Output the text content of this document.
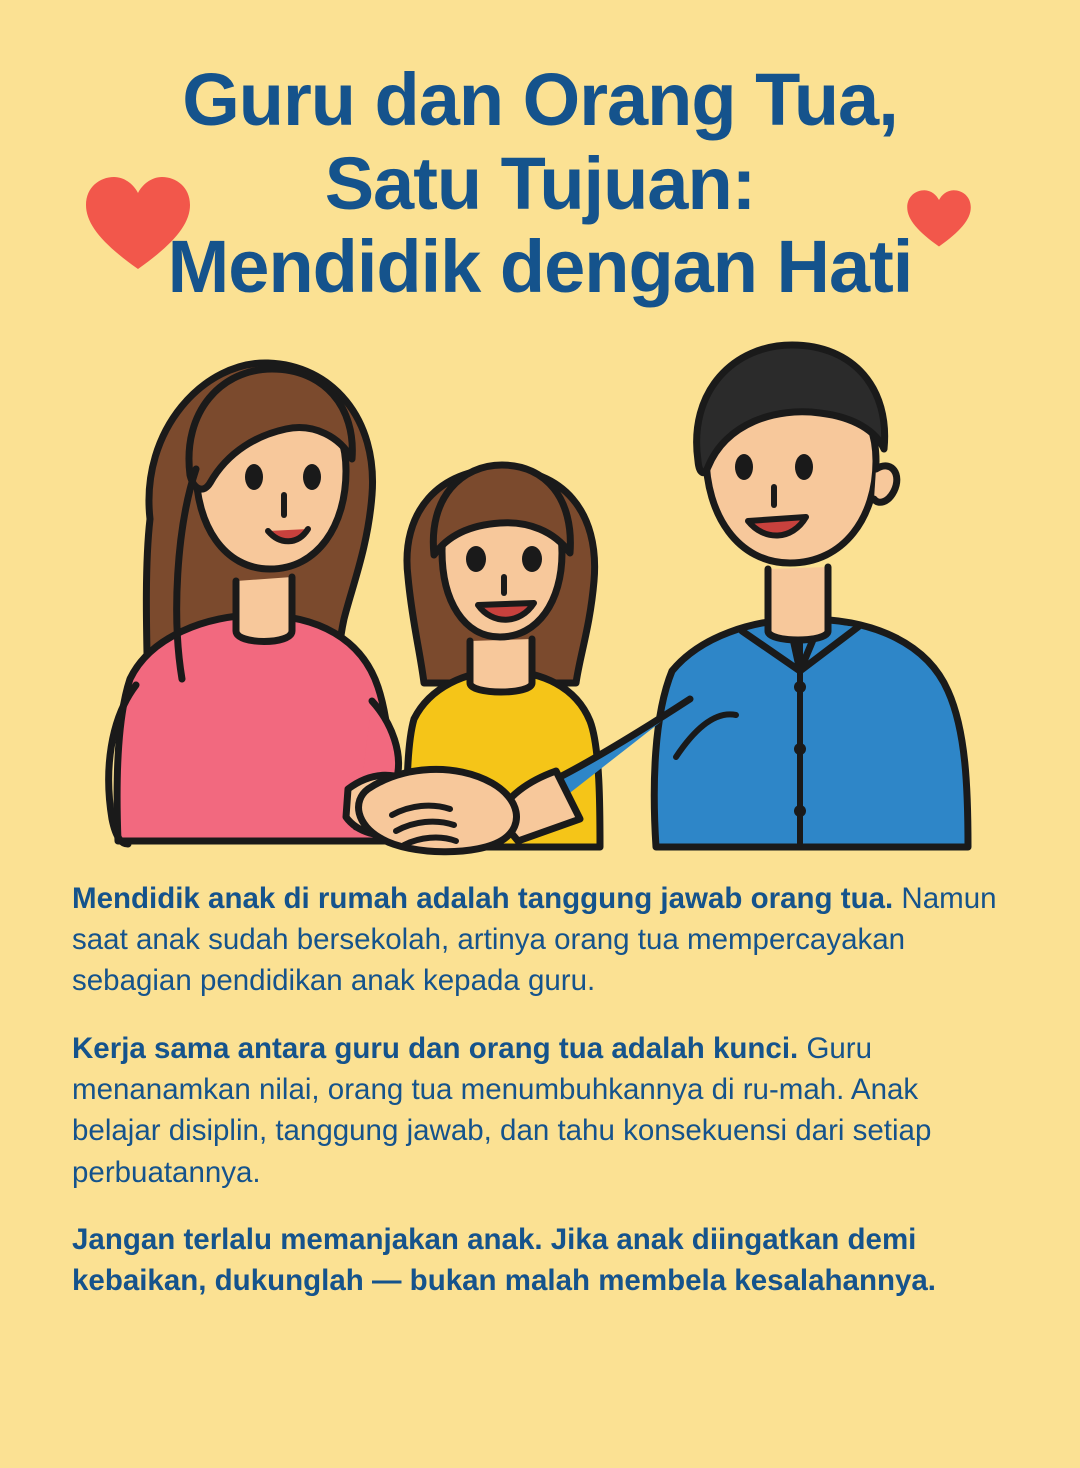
Guru dan Orang Tua,
Satu Tujuan:
Mendidik dengan Hati

Mendidik anak di rumah adalah tanggung jawab orang tua. Namun saat anak sudah bersekolah, artinya orang tua mempercayakan sebagian pendidikan anak kepada guru.

Kerja sama antara guru dan orang tua adalah kunci. Guru menanamkan nilai, orang tua menumbuhkannya di ru-mah. Anak belajar disiplin, tanggung jawab, dan tahu konsekuensi dari setiap perbuatannya.

Jangan terlalu memanjakan anak. Jika anak diingatkan demi kebaikan, dukunglah — bukan malah membela kesalahannya.
